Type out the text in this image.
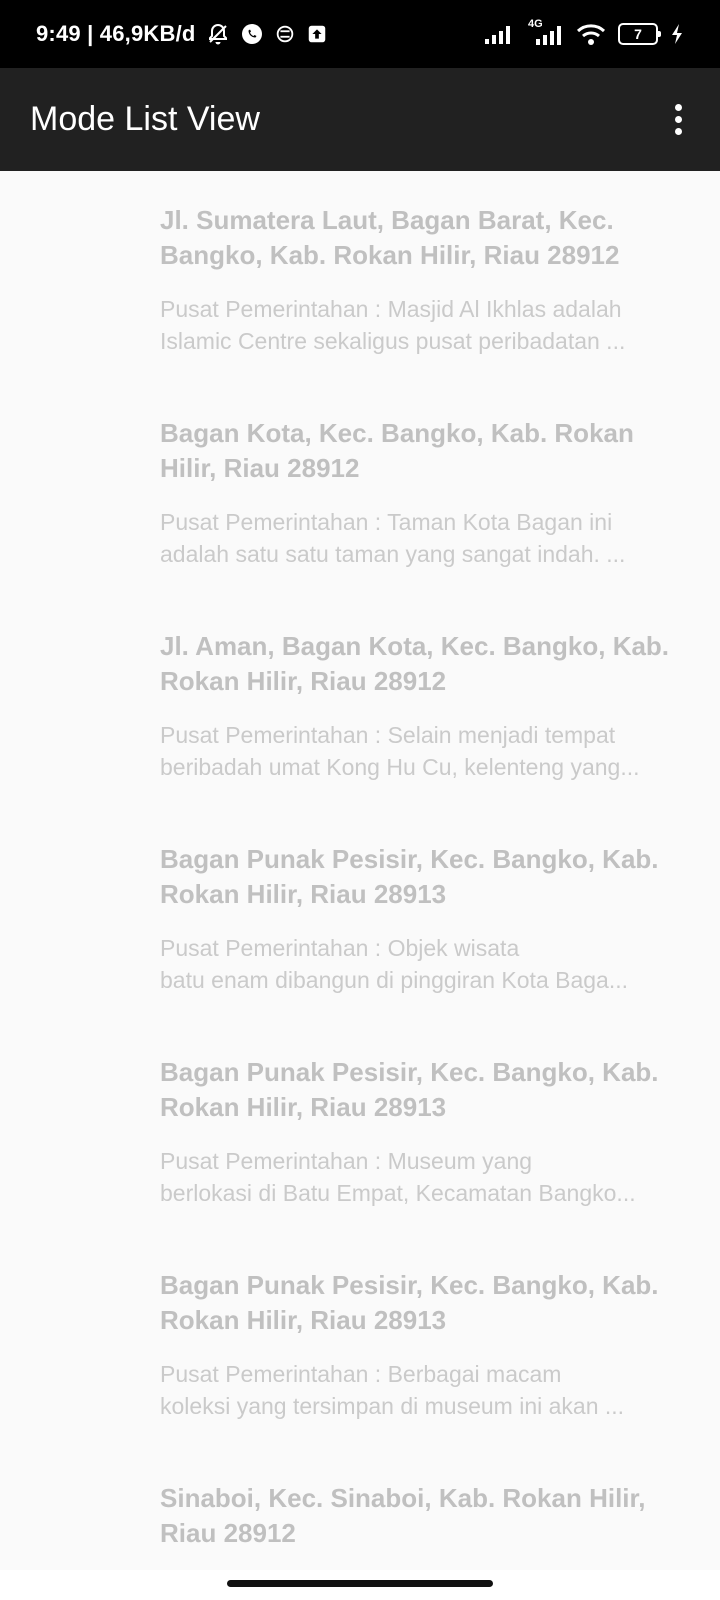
9:49 | 46,9KB/d	4G
7
Mode List View
Jl. Sumatera Laut, Bagan Barat, Kec. Bangko, Kab. Rokan Hilir, Riau 28912
Pusat Pemerintahan : Masjid Al Ikhlas adalah
Islamic Centre sekaligus pusat peribadatan ...
Bagan Kota, Kec. Bangko, Kab. Rokan Hilir, Riau 28912
Pusat Pemerintahan : Taman Kota Bagan ini
adalah satu satu taman yang sangat indah. ...
Jl. Aman, Bagan Kota, Kec. Bangko, Kab. Rokan Hilir, Riau 28912
Pusat Pemerintahan : Selain menjadi tempat
beribadah umat Kong Hu Cu, kelenteng yang...
Bagan Punak Pesisir, Kec. Bangko, Kab. Rokan Hilir, Riau 28913
Pusat Pemerintahan : Objek wisata
batu enam dibangun di pinggiran Kota Baga...
Bagan Punak Pesisir, Kec. Bangko, Kab. Rokan Hilir, Riau 28913
Pusat Pemerintahan : Museum yang
berlokasi di Batu Empat, Kecamatan Bangko...
Bagan Punak Pesisir, Kec. Bangko, Kab. Rokan Hilir, Riau 28913
Pusat Pemerintahan : Berbagai macam
koleksi yang tersimpan di museum ini akan ...
Sinaboi, Kec. Sinaboi, Kab. Rokan Hilir, Riau 28912
